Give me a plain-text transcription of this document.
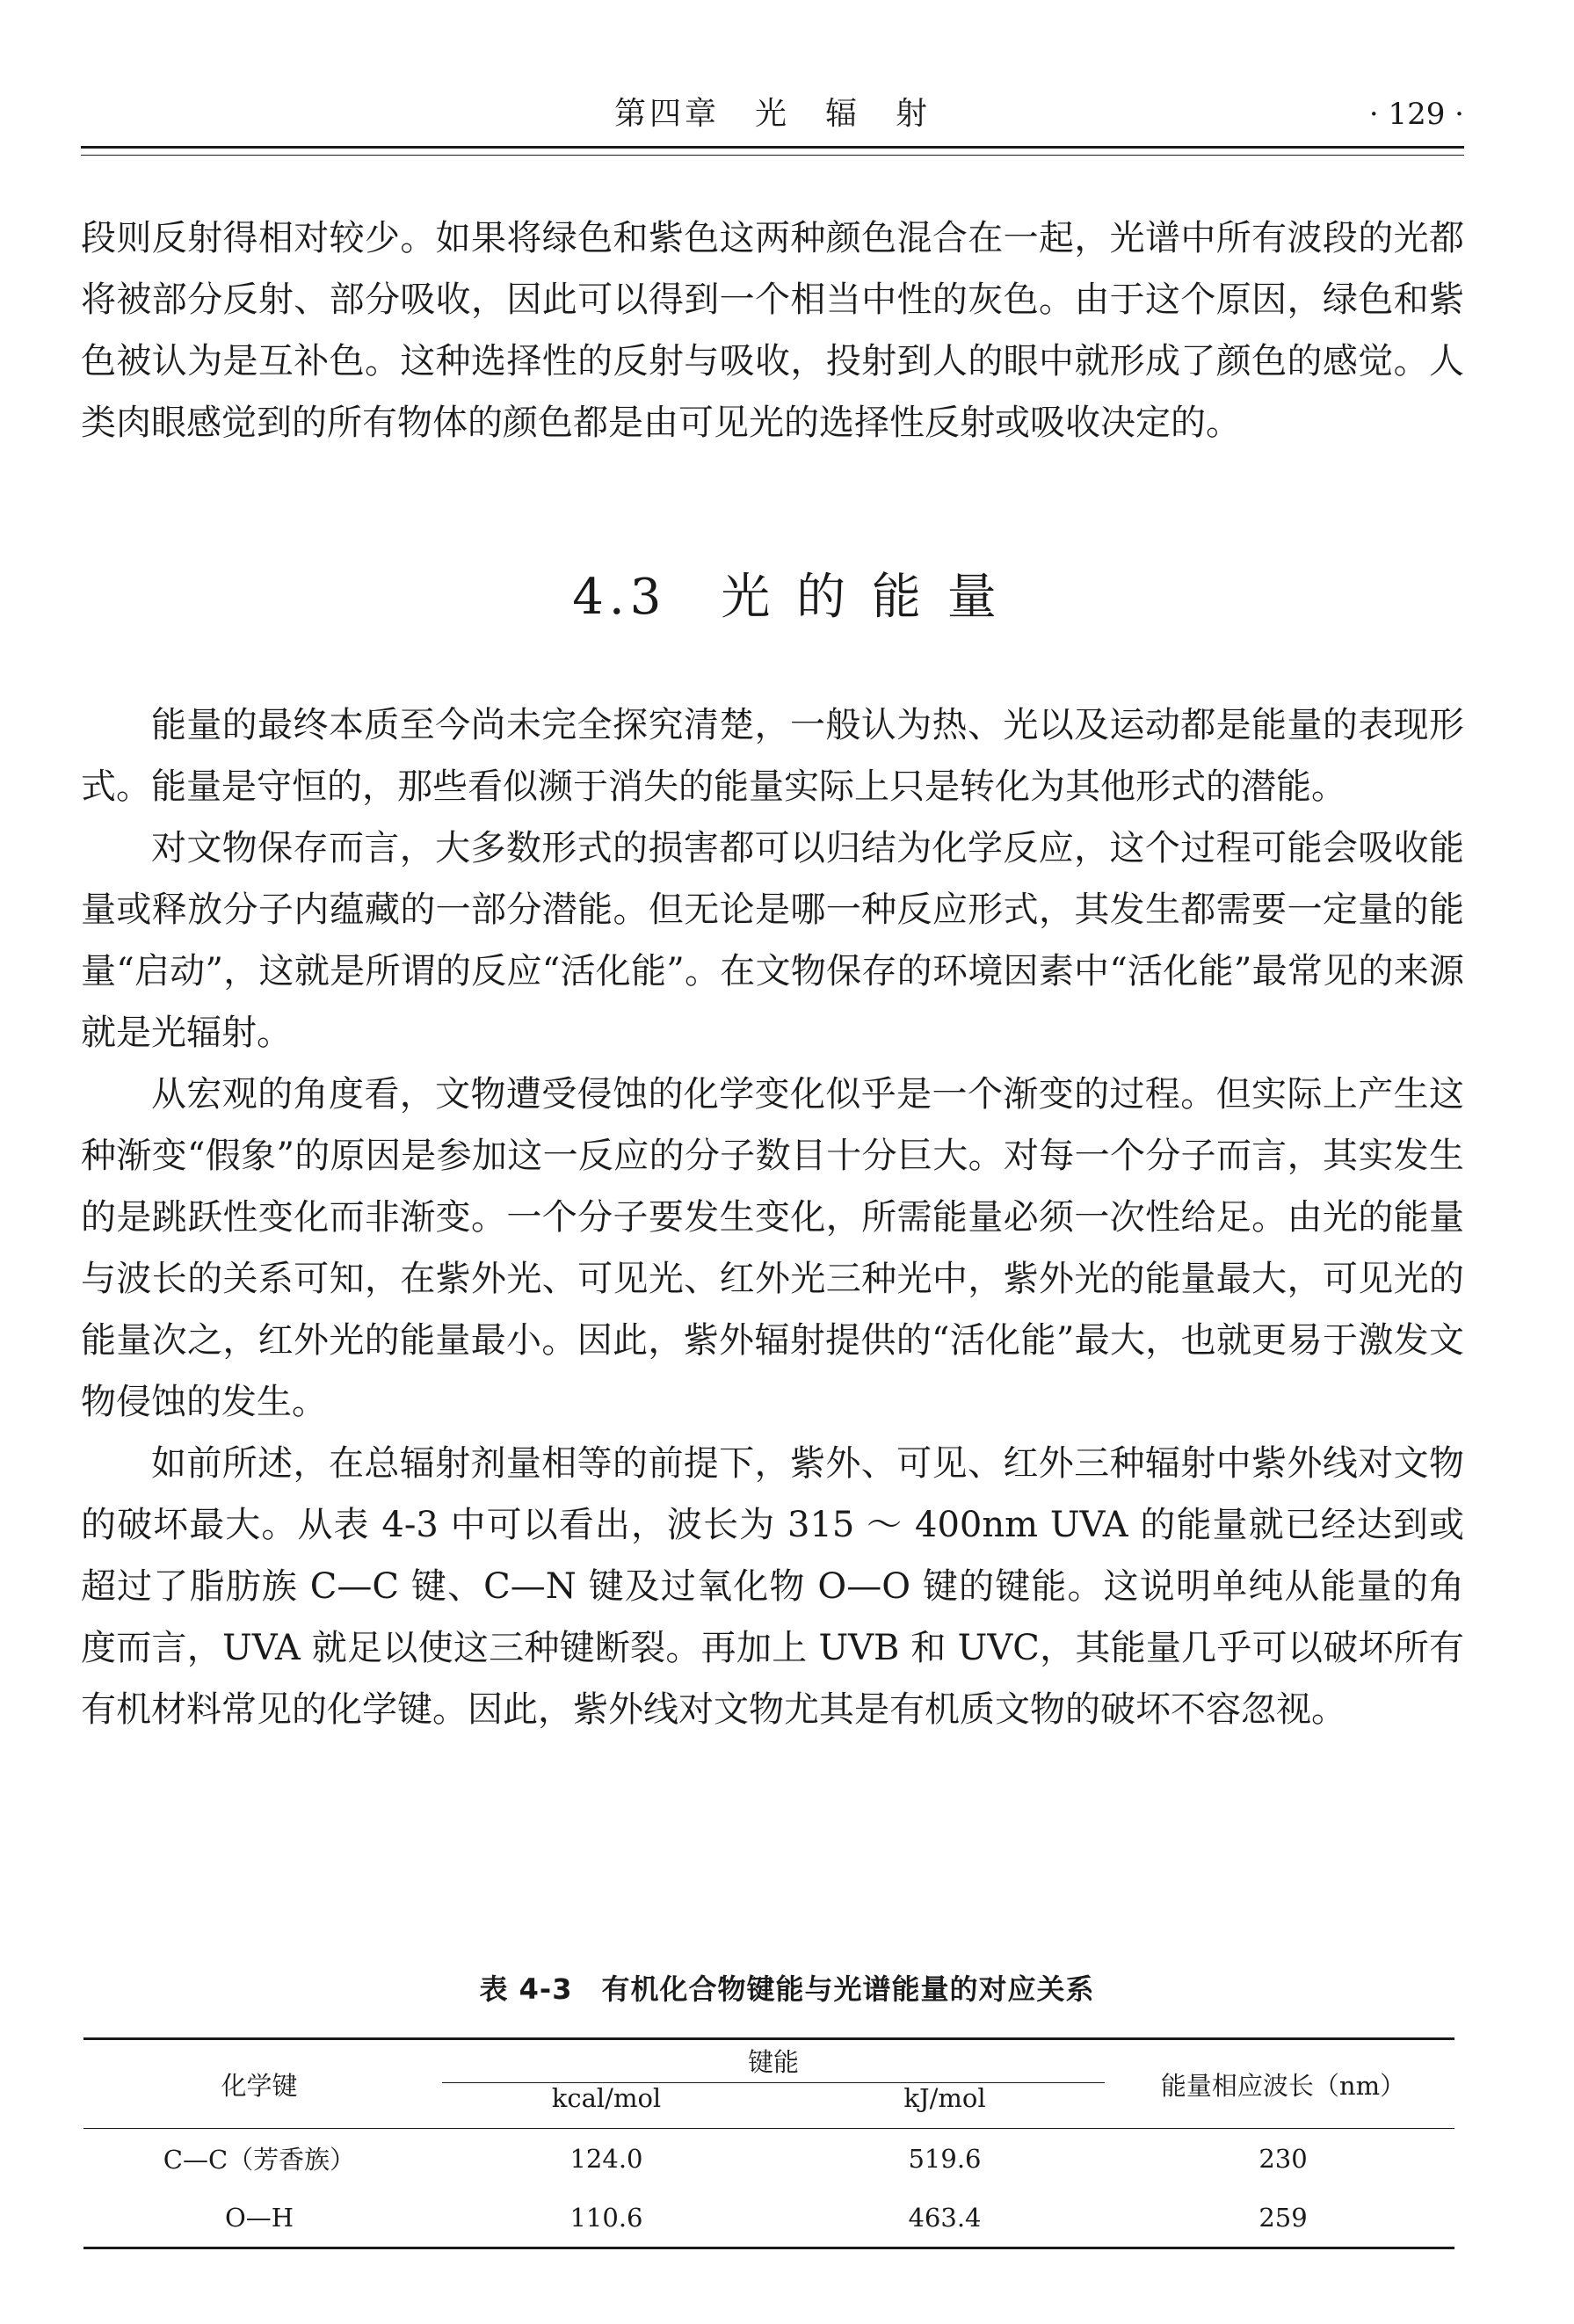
第四章　光　辐　射	· 129 ·

段则反射得相对较少。如果将绿色和紫色这两种颜色混合在一起，光谱中所有波段的光都将被部分反射、部分吸收，因此可以得到一个相当中性的灰色。由于这个原因，绿色和紫色被认为是互补色。这种选择性的反射与吸收，投射到人的眼中就形成了颜色的感觉。人类肉眼感觉到的所有物体的颜色都是由可见光的选择性反射或吸收决定的。

4.3　光 的 能 量

能量的最终本质至今尚未完全探究清楚，一般认为热、光以及运动都是能量的表现形式。能量是守恒的，那些看似濒于消失的能量实际上只是转化为其他形式的潜能。

对文物保存而言，大多数形式的损害都可以归结为化学反应，这个过程可能会吸收能量或释放分子内蕴藏的一部分潜能。但无论是哪一种反应形式，其发生都需要一定量的能量“启动”，这就是所谓的反应“活化能”。在文物保存的环境因素中“活化能”最常见的来源就是光辐射。

从宏观的角度看，文物遭受侵蚀的化学变化似乎是一个渐变的过程。但实际上产生这种渐变“假象”的原因是参加这一反应的分子数目十分巨大。对每一个分子而言，其实发生的是跳跃性变化而非渐变。一个分子要发生变化，所需能量必须一次性给足。由光的能量与波长的关系可知，在紫外光、可见光、红外光三种光中，紫外光的能量最大，可见光的能量次之，红外光的能量最小。因此，紫外辐射提供的“活化能”最大，也就更易于激发文物侵蚀的发生。

如前所述，在总辐射剂量相等的前提下，紫外、可见、红外三种辐射中紫外线对文物的破坏最大。从表 4-3 中可以看出，波长为 315 ～ 400nm UVA 的能量就已经达到或超过了脂肪族 C—C 键、C—N 键及过氧化物 O—O 键的键能。这说明单纯从能量的角度而言，UVA 就足以使这三种键断裂。再加上 UVB 和 UVC，其能量几乎可以破坏所有有机材料常见的化学键。因此，紫外线对文物尤其是有机质文物的破坏不容忽视。

表 4-3　有机化合物键能与光谱能量的对应关系
化学键	键能		能量相应波长（nm）
	kcal/mol	kJ/mol	
C—C（芳香族）	124.0	519.6	230
O—H	110.6	463.4	259
